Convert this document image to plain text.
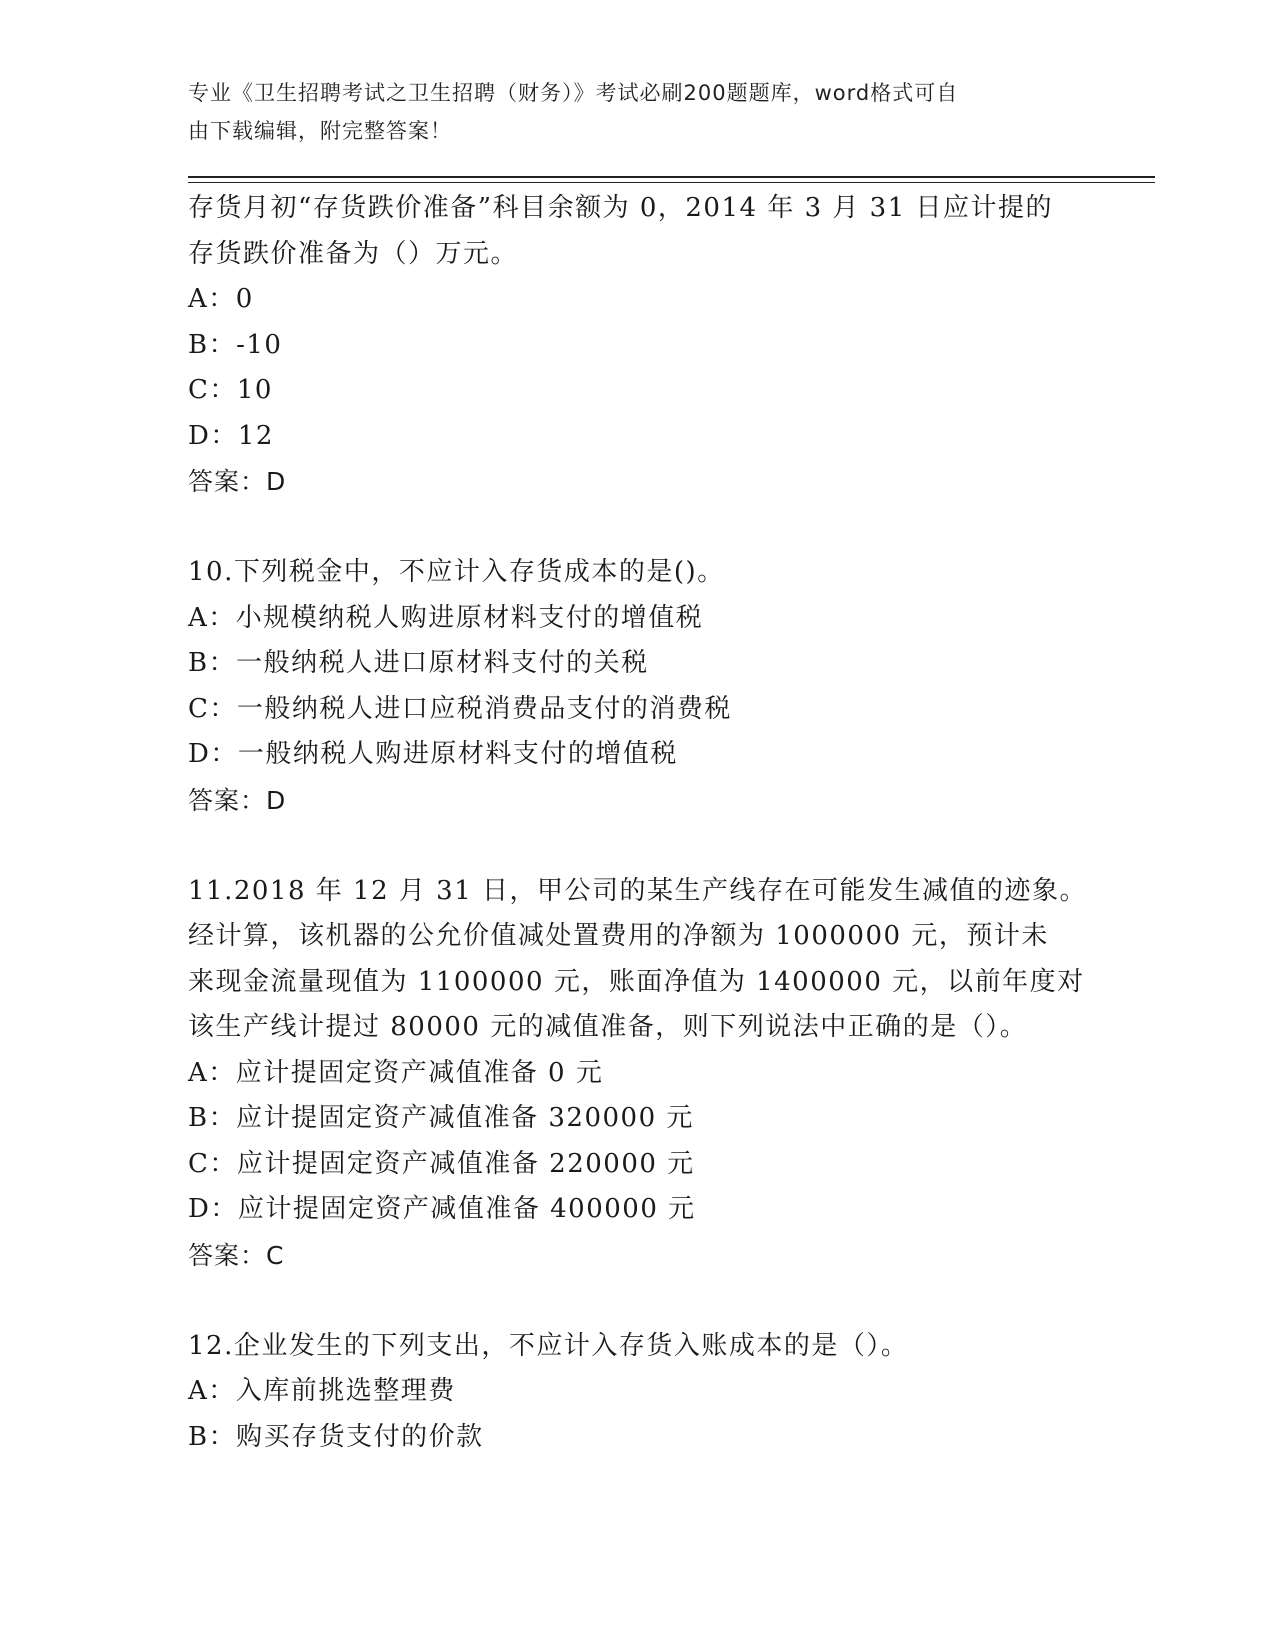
专业《卫生招聘考试之卫生招聘（财务）》考试必刷200题题库，word格式可自
由下载编辑，附完整答案！
存货月初“存货跌价准备”科目余额为 0，2014 年 3 月 31 日应计提的
存货跌价准备为（）万元。
A：0
B：-10
C：10
D：12
答案：D
10.下列税金中，不应计入存货成本的是()。
A：小规模纳税人购进原材料支付的增值税
B：一般纳税人进口原材料支付的关税
C：一般纳税人进口应税消费品支付的消费税
D：一般纳税人购进原材料支付的增值税
答案：D
11.2018 年 12 月 31 日，甲公司的某生产线存在可能发生减值的迹象。
经计算，该机器的公允价值减处置费用的净额为 1000000 元，预计未
来现金流量现值为 1100000 元，账面净值为 1400000 元，以前年度对
该生产线计提过 80000 元的减值准备，则下列说法中正确的是（）。
A：应计提固定资产减值准备 0 元
B：应计提固定资产减值准备 320000 元
C：应计提固定资产减值准备 220000 元
D：应计提固定资产减值准备 400000 元
答案：C
12.企业发生的下列支出，不应计入存货入账成本的是（）。
A：入库前挑选整理费
B：购买存货支付的价款
